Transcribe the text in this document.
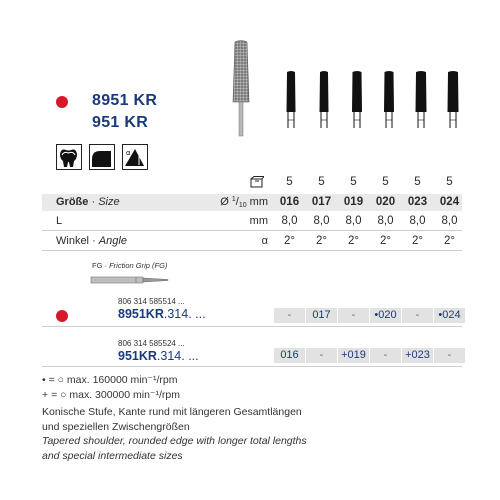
8951 KR
951 KR
α
5	5	5	5	5	5
Größe · Size	Ø $^1$/10 mm	016	017	019	020	023	024
L	mm	8,0	8,0	8,0	8,0	8,0	8,0
Winkel · Angle	α	2°	2°	2°	2°	2°	2°
FG · Friction Grip (FG)
806 314 585514 ...
8951KR.314. ...	-	017	-	•020	-	•024
806 314 585524 ...
951KR.314. ...	016	-	+019	-	+023	-
• = ○ max. 160000 min⁻¹/rpm
+ = ○ max. 300000 min⁻¹/rpm
Konische Stufe, Kante rund mit längeren Gesamtlängen
und speziellen Zwischengrößen
Tapered shoulder, rounded edge with longer total lengths
and special intermediate sizes
